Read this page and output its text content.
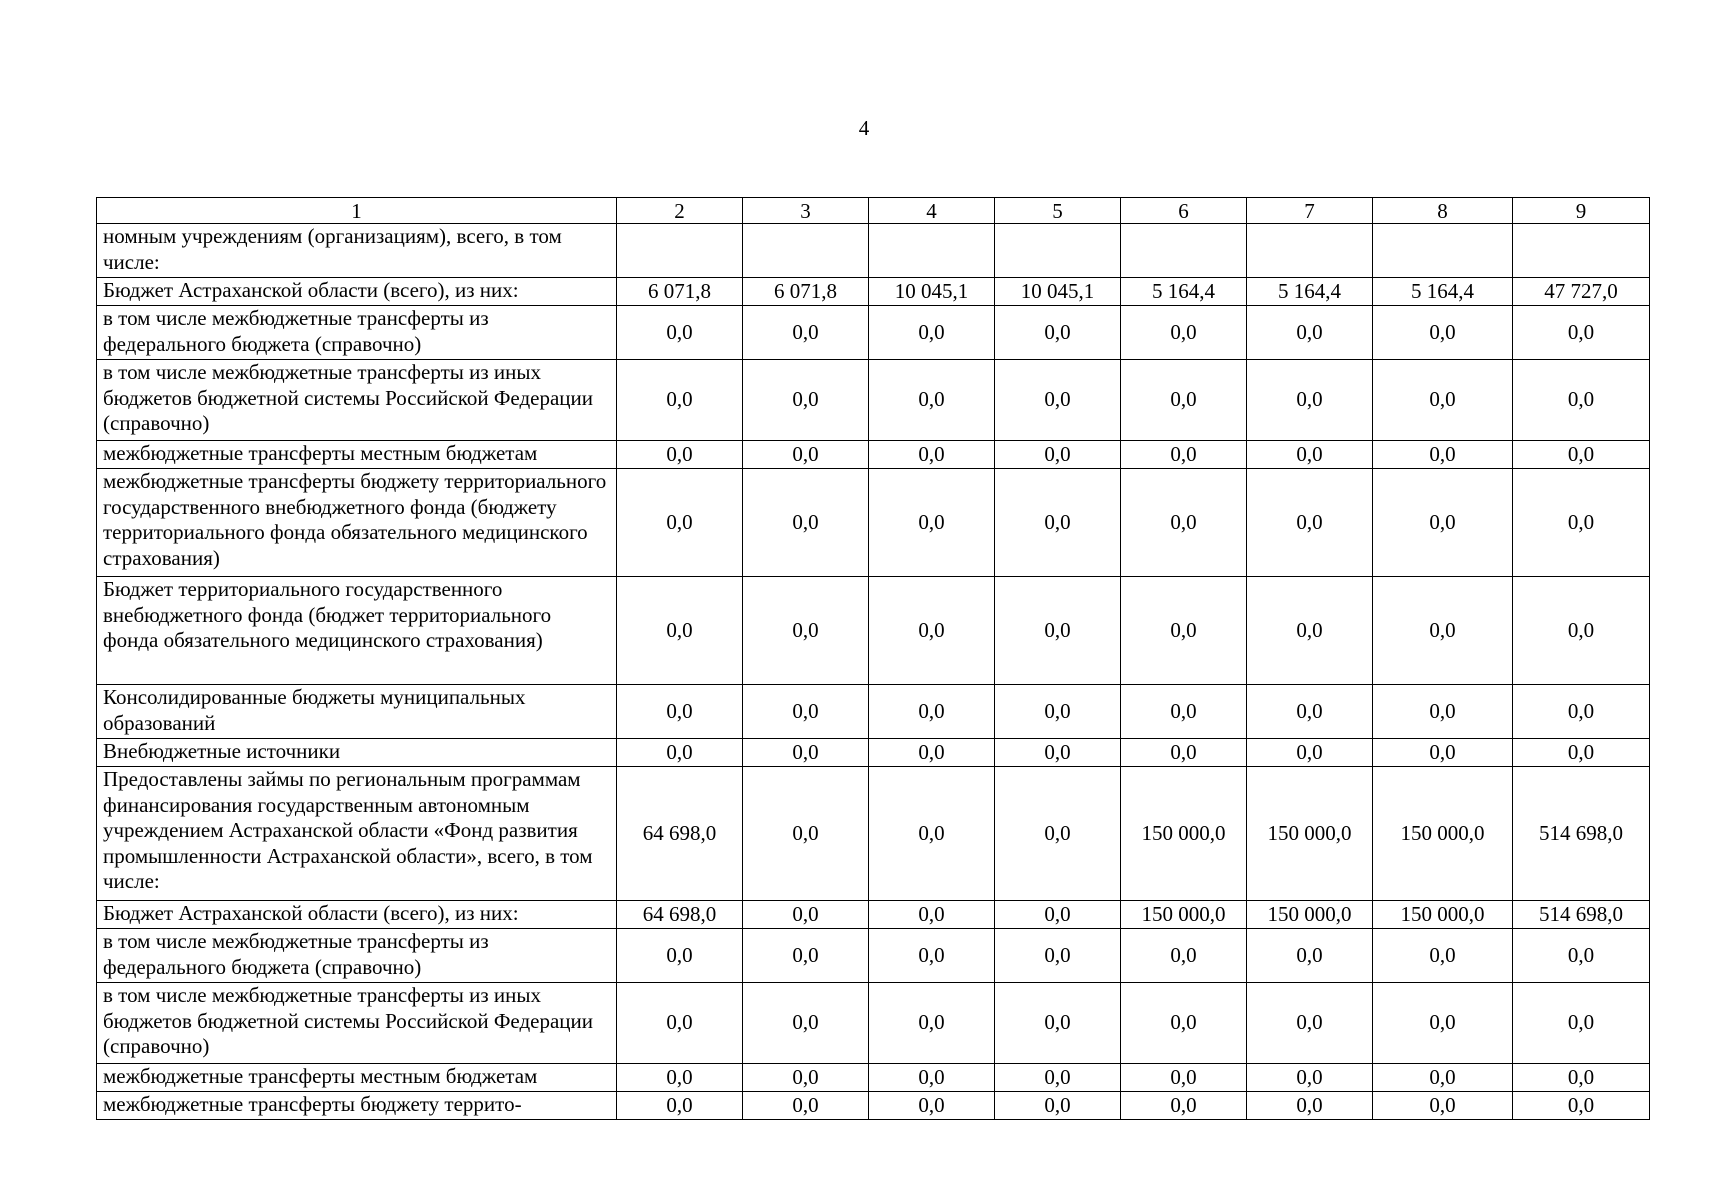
4
1	2	3	4	5	6	7	8	9
номным учреждениям (организациям), всего, в том числе:								
Бюджет Астраханской области (всего), из них:	6 071,8	6 071,8	10 045,1	10 045,1	5 164,4	5 164,4	5 164,4	47 727,0
в том числе межбюджетные трансферты из федерального бюджета (справочно)	0,0	0,0	0,0	0,0	0,0	0,0	0,0	0,0
в том числе межбюджетные трансферты из иных бюджетов бюджетной системы Российской Федерации (справочно)	0,0	0,0	0,0	0,0	0,0	0,0	0,0	0,0
межбюджетные трансферты местным бюджетам	0,0	0,0	0,0	0,0	0,0	0,0	0,0	0,0
межбюджетные трансферты бюджету территориального государственного внебюджетного фонда (бюджету территориального фонда обязательного медицинского страхования)	0,0	0,0	0,0	0,0	0,0	0,0	0,0	0,0
Бюджет территориального государственного внебюджетного фонда (бюджет территориального фонда обязательного медицинского страхования)	0,0	0,0	0,0	0,0	0,0	0,0	0,0	0,0
Консолидированные бюджеты муниципальных образований	0,0	0,0	0,0	0,0	0,0	0,0	0,0	0,0
Внебюджетные источники	0,0	0,0	0,0	0,0	0,0	0,0	0,0	0,0
Предоставлены займы по региональным программам финансирования государственным автономным учреждением Астраханской области «Фонд развития промышленности Астраханской области», всего, в том числе:	64 698,0	0,0	0,0	0,0	150 000,0	150 000,0	150 000,0	514 698,0
Бюджет Астраханской области (всего), из них:	64 698,0	0,0	0,0	0,0	150 000,0	150 000,0	150 000,0	514 698,0
в том числе межбюджетные трансферты из федерального бюджета (справочно)	0,0	0,0	0,0	0,0	0,0	0,0	0,0	0,0
в том числе межбюджетные трансферты из иных бюджетов бюджетной системы Российской Федерации (справочно)	0,0	0,0	0,0	0,0	0,0	0,0	0,0	0,0
межбюджетные трансферты местным бюджетам	0,0	0,0	0,0	0,0	0,0	0,0	0,0	0,0
межбюджетные трансферты бюджету террито-	0,0	0,0	0,0	0,0	0,0	0,0	0,0	0,0
